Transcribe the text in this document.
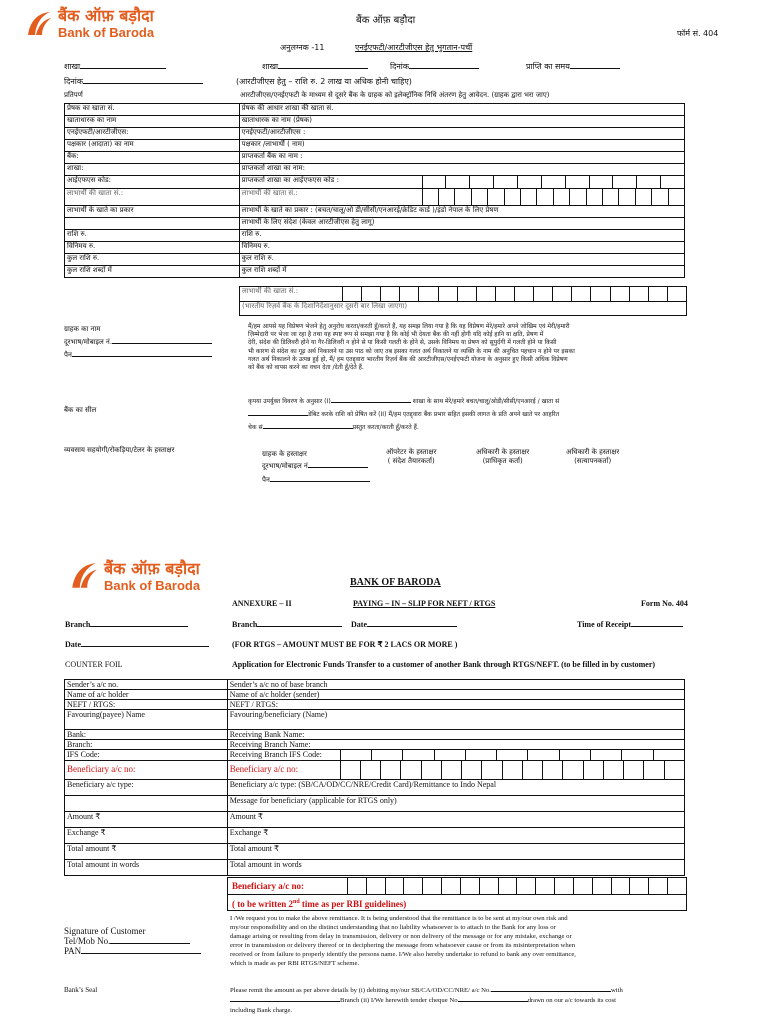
बैंक ऑफ़ बड़ौदा
Bank of Baroda
बैंक ऑफ़ बड़ौदा
फॉर्म सं. 404
अनुलग्नक -11	एनईएफटी/आरटीजीएस हेतु भुगतान-पर्ची
शाखा	शाखा	दिनांक	प्राप्ति का समय
दिनांक	(आरटीजीएस हेतु – राशि रु. 2 लाख या अधिक होनी चाहिए)
प्रतिपर्ण	आरटीजीएस/एनईएफटी के माध्यम से दूसरे बैंक के ग्राहक को इलेक्ट्रॉनिक निधि अंतरण हेतु आवेदन. (ग्राहक द्वारा भरा जाए)
प्रेषक का खाता सं.	प्रेषक की आधार शाखा की खाता सं.
खाताधारक का नाम	खाताधारक का नाम (प्रेषक)
एनईएफटी/आरटीजीएस:	एनईएफटी/आरटीजीएस :
पक्षकार (आदाता) का नाम	पक्षकार /लाभार्थी ( नाम)
बैंक:	प्राप्तकर्ता बैंक का नाम :
शाखा:	प्राप्तकर्ता शाखा का नाम:
आईएफएस कोड:	प्राप्तकर्ता शाखा का आईएफएस कोड :

लाभार्थी की खाता सं.:	लाभार्थी की खाता सं.:

लाभार्थी के खाते का प्रकार	लाभार्थी के खाते का प्रकार : (बचत/चालू/ओ डी/सीसी/एनआरई/क्रेडिट कार्ड )/इंडो नेपाल के लिए प्रेषण
	लाभार्थी के लिए संदेश (केवल आरटीजीएस हेतु लागू)
राशि रु.	राशि रु.
विनिमय रु.	विनिमय रु.
कुल राशि रु.	कुल राशि रु.
कुल राशि शब्दों में	कुल राशि शब्दों में
लाभार्थी की खाता सं.:
(भारतीय रिज़र्व बैंक के दिशानिर्देशानुसार दूसरी बार लिखा जाएगा)
ग्राहक का नाम
दूरभाष/मोबाइल नं.
पैन
बैंक का सील
व्यवसाय सहयोगी/रोकड़िया/टेलर के हस्ताक्षर
मैं/हम आपसे यह विप्रेषण भेजने हेतु अनुरोध करता/करती हूँ/करते हैं, यह समझ लिया गया है कि यह विप्रेषण मेरे/हमारे अपने जोखिम एवं मेरी/हमारी
ज़िम्मेदारी पर भेजा जा रहा है तथा यह स्पष्ट रूप से समझा गया है कि कोई भी देयता बैंक की नहीं होगी यदि कोई हानि या क्षति, प्रेषण में
देरी, संदेश की डिलिवरी होने या गैर-डिलिवरी न होने से या किसी गलती के होने से, उसके विनिमय या प्रेषण को सुपुर्दगी में गलती होने या किसी
भी कारण से संदेश का गूढ़ अर्थ निकालने या उस पाठ को जाए तब इसका गलत अर्थ निकालने या व्यक्ति के नाम की अनुचित पहचान न होने पर इसका
गलत अर्थ निकालने के उत्पन्न हुई हो, मैं/ हम एतद्द्वारा भारतीय रिज़र्व बैंक की आरटीजीएस/एनईएफटी योजना के अनुसार हुए किसी अधिक विप्रेषण
को बैंक को वापस करने का वचन देता /देती हूँ/देते हैं.
कृपया उपर्युक्त विवरण के अनुसार (I)	शाखा के साथ मेरे/हमारे बचत/चालू/ओडी/सीसी/एनआरई / खाता सं
डेबिट करके राशि को प्रेषित करें (II) मैं/हम एतद्द्वारा बैंक प्रभार सहित इसकी लागत के प्रति अपने खाते पर आहरित
चेक सं	प्रस्तुत करता/करती हूँ/करते हैं.
ग्राहक के हस्ताक्षर
दूरभाष/मोबाइल नं
पैन
ऑपरेटर के हस्ताक्षर
( संदेश तैयारकर्ता)
अधिकारी के हस्ताक्षर
(प्राधिकृत कर्ता)
अधिकारी के हस्ताक्षर
(सत्यापनकर्ता)
बैंक ऑफ़ बड़ौदा
Bank of Baroda	BANK OF BARODA
ANNEXURE – II	PAYING – IN – SLIP FOR NEFT / RTGS	Form No. 404
Branch	Branch	Date	Time of Receipt
Date	(FOR RTGS – AMOUNT MUST BE FOR ₹ 2 LACS OR MORE )
COUNTER FOIL	Application for Electronic Funds Transfer to a customer of another Bank through RTGS/NEFT. (to be filled in by customer)
Sender’s a/c no.	Sender’s a/c no of base branch
Name of a/c holder	Name of a/c holder (sender)
NEFT / RTGS:	NEFT / RTGS:
Favouring(payee) Name	Favouring/beneficiary (Name)
Bank:	Receiving Bank Name:
Branch:	Receiving Branch Name:
IFS Code:	Receiving Branch IFS Code:

Beneficiary a/c no:	Beneficiary a/c no:

Beneficiary a/c type:	Beneficiary a/c type: (SB/CA/OD/CC/NRE/Credit Card)/Remittance to Indo Nepal
	Message for beneficiary (applicable for RTGS only)
Amount ₹	Amount ₹
Exchange ₹	Exchange ₹
Total amount ₹	Total amount ₹
Total amount in words	Total amount in words
Beneficiary a/c no:
( to be written 2nd time as per RBI guidelines)
Signature of Customer
Tel/Mob No.
PAN
Bank’s Seal
I /We request you to make the above remittance. It is being understood that the remittance is to be sent at my/our own risk and
my/our responsibility and on the distinct understanding that no liability whatsoever is to attach to the Bank for any loss or
damage arising or resulting from delay in transmission, delivery or non delivery of the message or for any mistake, exchange or
error in transmission or delivery thereof or in deciphering the message from whatsoever cause or from its misinterpretation when
received or from failure to properly identify the persons name. I/We also hereby undertake to refund to bank any over remittance,
which is made as per RBI RTGS/NEFT scheme.
Please remit the amount as per above details by (i) debiting my/our SB/CA/OD/CC/NRE/ a/c No.	with
Branch (ii) I/We herewith tender cheque No	drawn on our a/c towards its cost
including Bank charge.
